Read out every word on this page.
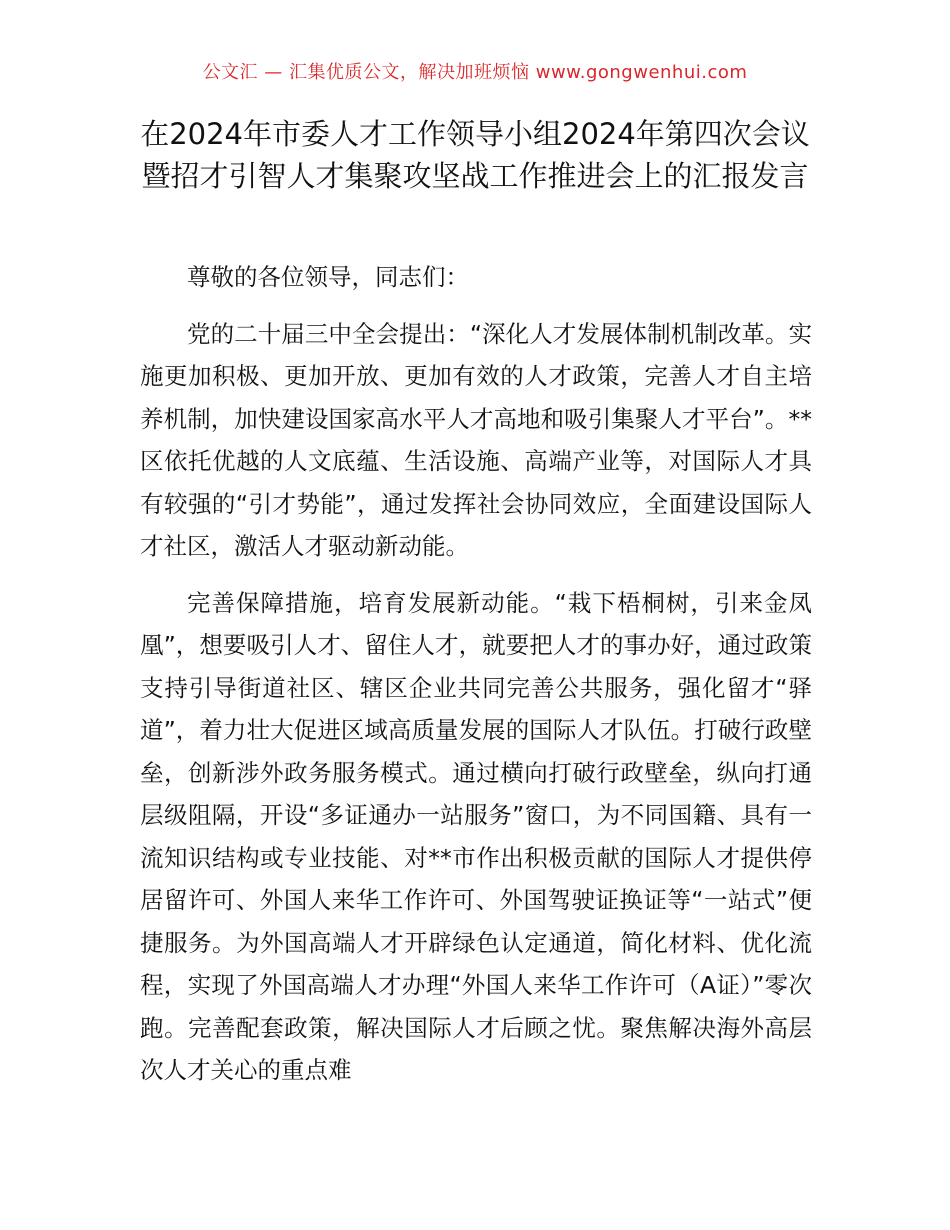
公文汇 — 汇集优质公文，解决加班烦恼 www.gongwenhui.com
在2024年市委人才工作领导小组2024年第四次会议暨招才引智人才集聚攻坚战工作推进会上的汇报发言

尊敬的各位领导，同志们：

党的二十届三中全会提出：“深化人才发展体制机制改革。实施更加积极、更加开放、更加有效的人才政策，完善人才自主培养机制，加快建设国家高水平人才高地和吸引集聚人才平台”。**区依托优越的人文底蕴、生活设施、高端产业等，对国际人才具有较强的“引才势能”，通过发挥社会协同效应，全面建设国际人才社区，激活人才驱动新动能。

完善保障措施，培育发展新动能。“栽下梧桐树，引来金凤凰”，想要吸引人才、留住人才，就要把人才的事办好，通过政策支持引导街道社区、辖区企业共同完善公共服务，强化留才“驿道”，着力壮大促进区域高质量发展的国际人才队伍。打破行政壁垒，创新涉外政务服务模式。通过横向打破行政壁垒，纵向打通层级阻隔，开设“多证通办一站服务”窗口，为不同国籍、具有一流知识结构或专业技能、对**市作出积极贡献的国际人才提供停居留许可、外国人来华工作许可、外国驾驶证换证等“一站式”便捷服务。为外国高端人才开辟绿色认定通道，简化材料、优化流程，实现了外国高端人才办理“外国人来华工作许可（A证）”零次跑。完善配套政策，解决国际人才后顾之忧。聚焦解决海外高层次人才关心的重点难
